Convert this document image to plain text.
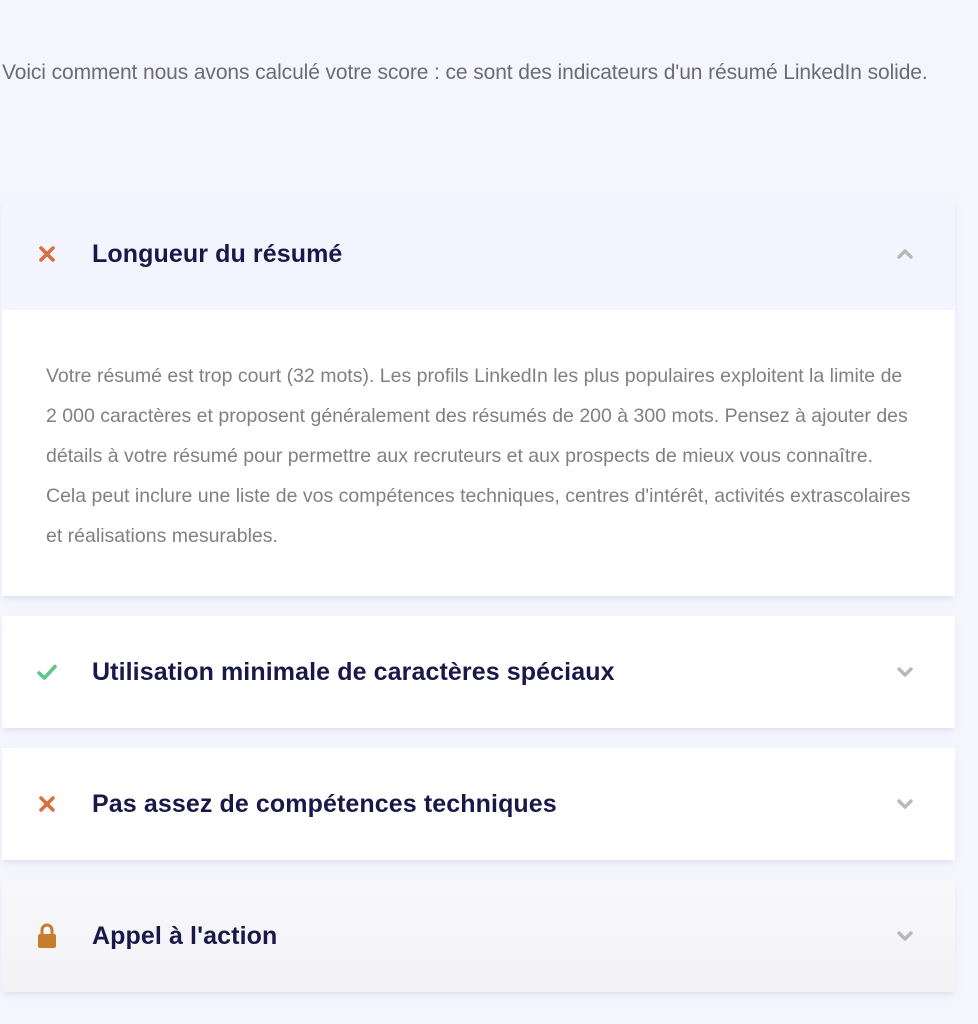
Voici comment nous avons calculé votre score : ce sont des indicateurs d'un résumé LinkedIn solide.

Longueur du résumé
Votre résumé est trop court (32 mots). Les profils LinkedIn les plus populaires exploitent la limite de 2 000 caractères et proposent généralement des résumés de 200 à 300 mots. Pensez à ajouter des détails à votre résumé pour permettre aux recruteurs et aux prospects de mieux vous connaître. Cela peut inclure une liste de vos compétences techniques, centres d'intérêt, activités extrascolaires et réalisations mesurables.
Utilisation minimale de caractères spéciaux
Pas assez de compétences techniques
Appel à l'action
